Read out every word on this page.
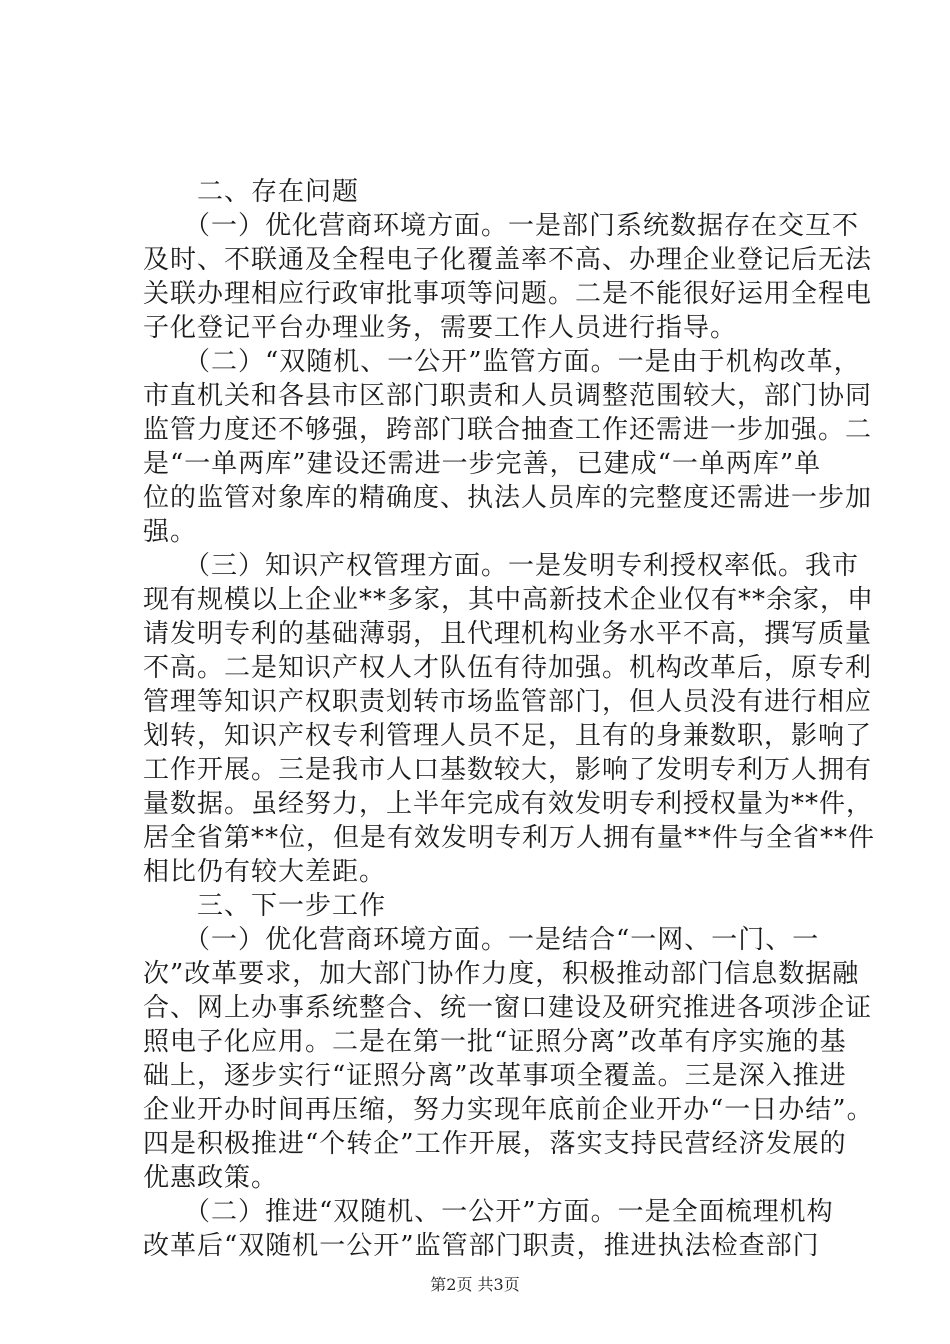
　　二、存在问题
　　（一）优化营商环境方面。一是部门系统数据存在交互不
及时、不联通及全程电子化覆盖率不高、办理企业登记后无法
关联办理相应行政审批事项等问题。二是不能很好运用全程电
子化登记平台办理业务，需要工作人员进行指导。
　　（二）“双随机、一公开”监管方面。一是由于机构改革，
市直机关和各县市区部门职责和人员调整范围较大，部门协同
监管力度还不够强，跨部门联合抽查工作还需进一步加强。二
是“一单两库”建设还需进一步完善，已建成“一单两库”单
位的监管对象库的精确度、执法人员库的完整度还需进一步加
强。
　　（三）知识产权管理方面。一是发明专利授权率低。我市
现有规模以上企业**多家，其中高新技术企业仅有**余家，申
请发明专利的基础薄弱，且代理机构业务水平不高，撰写质量
不高。二是知识产权人才队伍有待加强。机构改革后，原专利
管理等知识产权职责划转市场监管部门，但人员没有进行相应
划转，知识产权专利管理人员不足，且有的身兼数职，影响了
工作开展。三是我市人口基数较大，影响了发明专利万人拥有
量数据。虽经努力，上半年完成有效发明专利授权量为**件，
居全省第**位，但是有效发明专利万人拥有量**件与全省**件
相比仍有较大差距。
　　三、下一步工作
　　（一）优化营商环境方面。一是结合“一网、一门、一
次”改革要求，加大部门协作力度，积极推动部门信息数据融
合、网上办事系统整合、统一窗口建设及研究推进各项涉企证
照电子化应用。二是在第一批“证照分离”改革有序实施的基
础上，逐步实行“证照分离”改革事项全覆盖。三是深入推进
企业开办时间再压缩，努力实现年底前企业开办“一日办结”。
四是积极推进“个转企”工作开展，落实支持民营经济发展的
优惠政策。
　　（二）推进“双随机、一公开”方面。一是全面梳理机构
改革后“双随机一公开”监管部门职责，推进执法检查部门
第2页 共3页
